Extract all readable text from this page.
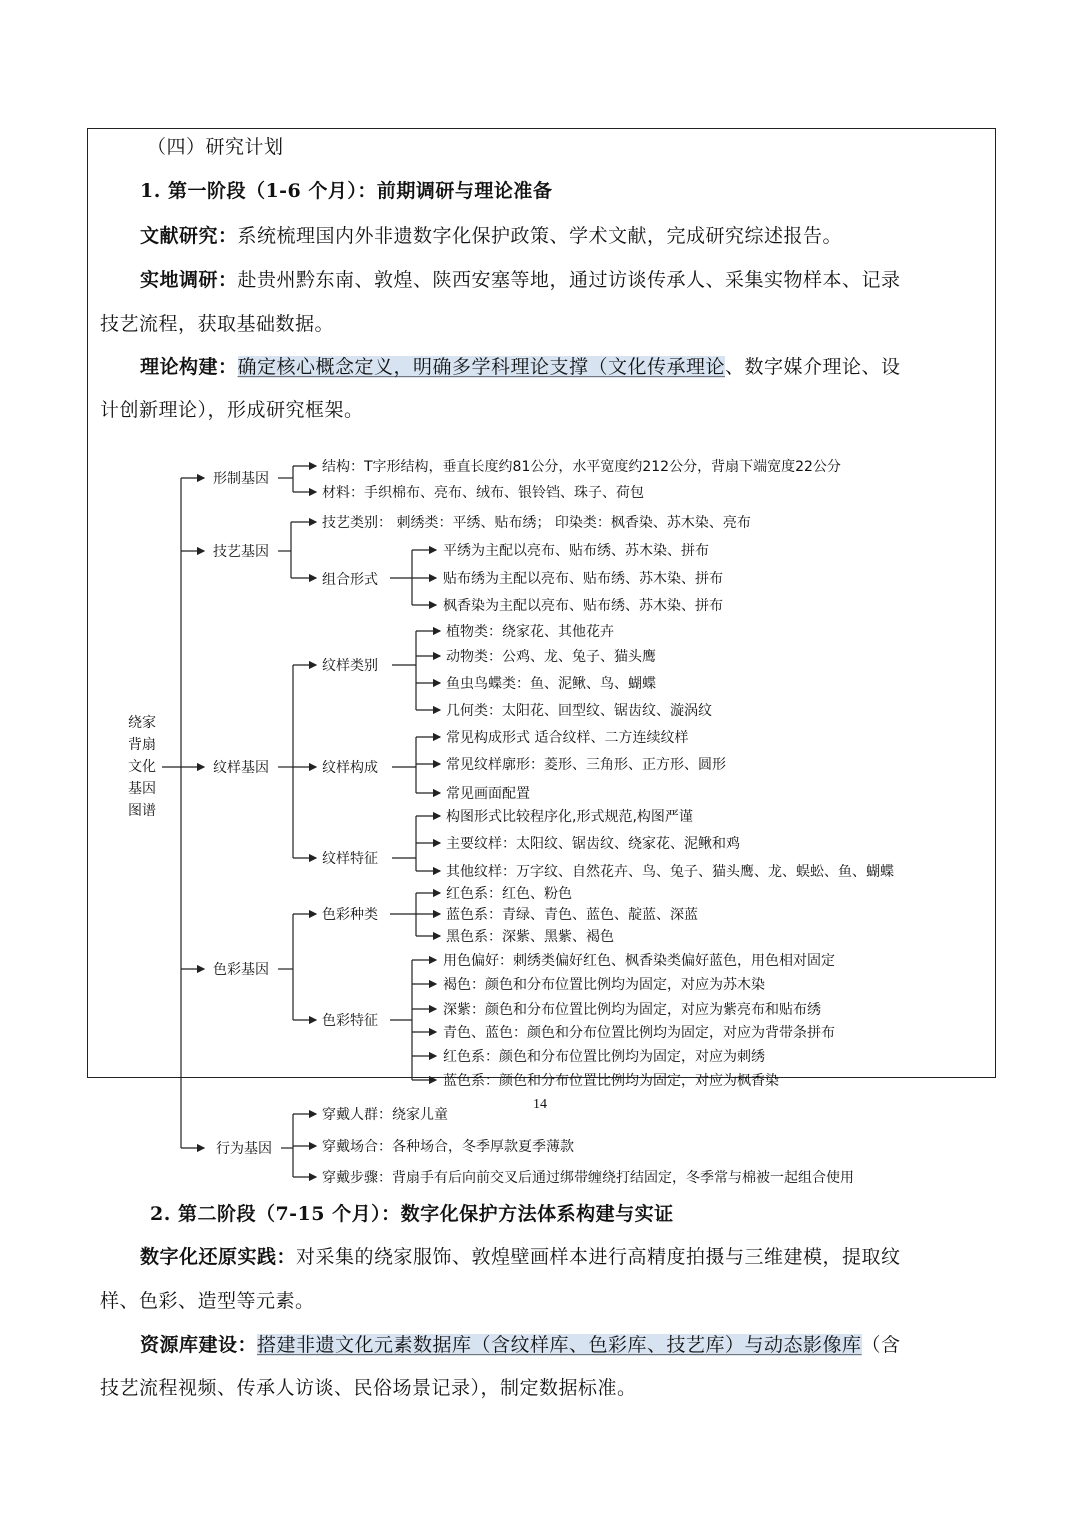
（四）研究计划

1. 第一阶段（1-6 个月）：前期调研与理论准备

文献研究：系统梳理国内外非遗数字化保护政策、学术文献，完成研究综述报告。

实地调研：赴贵州黔东南、敦煌、陕西安塞等地，通过访谈传承人、采集实物样本、记录

技艺流程，获取基础数据。

理论构建：确定核心概念定义，明确多学科理论支撑（文化传承理论、数字媒介理论、设

计创新理论），形成研究框架。

绕家
背扇
文化
基因
图谱
形制基因
结构：T字形结构，垂直长度约81公分，水平宽度约212公分，背扇下端宽度22公分
材料：手织棉布、亮布、绒布、银铃铛、珠子、荷包
技艺基因
技艺类别： 刺绣类：平绣、贴布绣； 印染类：枫香染、苏木染、亮布
组合形式
平绣为主配以亮布、贴布绣、苏木染、拼布
贴布绣为主配以亮布、贴布绣、苏木染、拼布
枫香染为主配以亮布、贴布绣、苏木染、拼布
纹样基因
纹样类别
纹样构成
纹样特征
植物类：绕家花、其他花卉
动物类：公鸡、龙、兔子、猫头鹰
鱼虫鸟蝶类：鱼、泥鳅、鸟、蝴蝶
几何类：太阳花、回型纹、锯齿纹、漩涡纹
常见构成形式 适合纹样、二方连续纹样
常见纹样廓形：菱形、三角形、正方形、圆形
常见画面配置
构图形式比较程序化,形式规范,构图严谨
主要纹样：太阳纹、锯齿纹、绕家花、泥鳅和鸡
其他纹样：万字纹、自然花卉、鸟、兔子、猫头鹰、龙、蜈蚣、鱼、蝴蝶
色彩基因
色彩种类
色彩特征
红色系：红色、粉色
蓝色系：青绿、青色、蓝色、靛蓝、深蓝
黑色系：深紫、黑紫、褐色
用色偏好：刺绣类偏好红色、枫香染类偏好蓝色，用色相对固定
褐色：颜色和分布位置比例均为固定，对应为苏木染
深紫：颜色和分布位置比例均为固定，对应为紫亮布和贴布绣
青色、蓝色：颜色和分布位置比例均为固定，对应为背带条拼布
红色系：颜色和分布位置比例均为固定，对应为刺绣
蓝色系：颜色和分布位置比例均为固定，对应为枫香染
行为基因
穿戴人群：绕家儿童
穿戴场合：各种场合，冬季厚款夏季薄款
穿戴步骤：背扇手有后向前交叉后通过绑带缠绕打结固定，冬季常与棉被一起组合使用

2. 第二阶段（7-15 个月）：数字化保护方法体系构建与实证

数字化还原实践：对采集的绕家服饰、敦煌壁画样本进行高精度拍摄与三维建模，提取纹

样、色彩、造型等元素。

资源库建设：搭建非遗文化元素数据库（含纹样库、色彩库、技艺库）与动态影像库（含

技艺流程视频、传承人访谈、民俗场景记录），制定数据标准。

14
